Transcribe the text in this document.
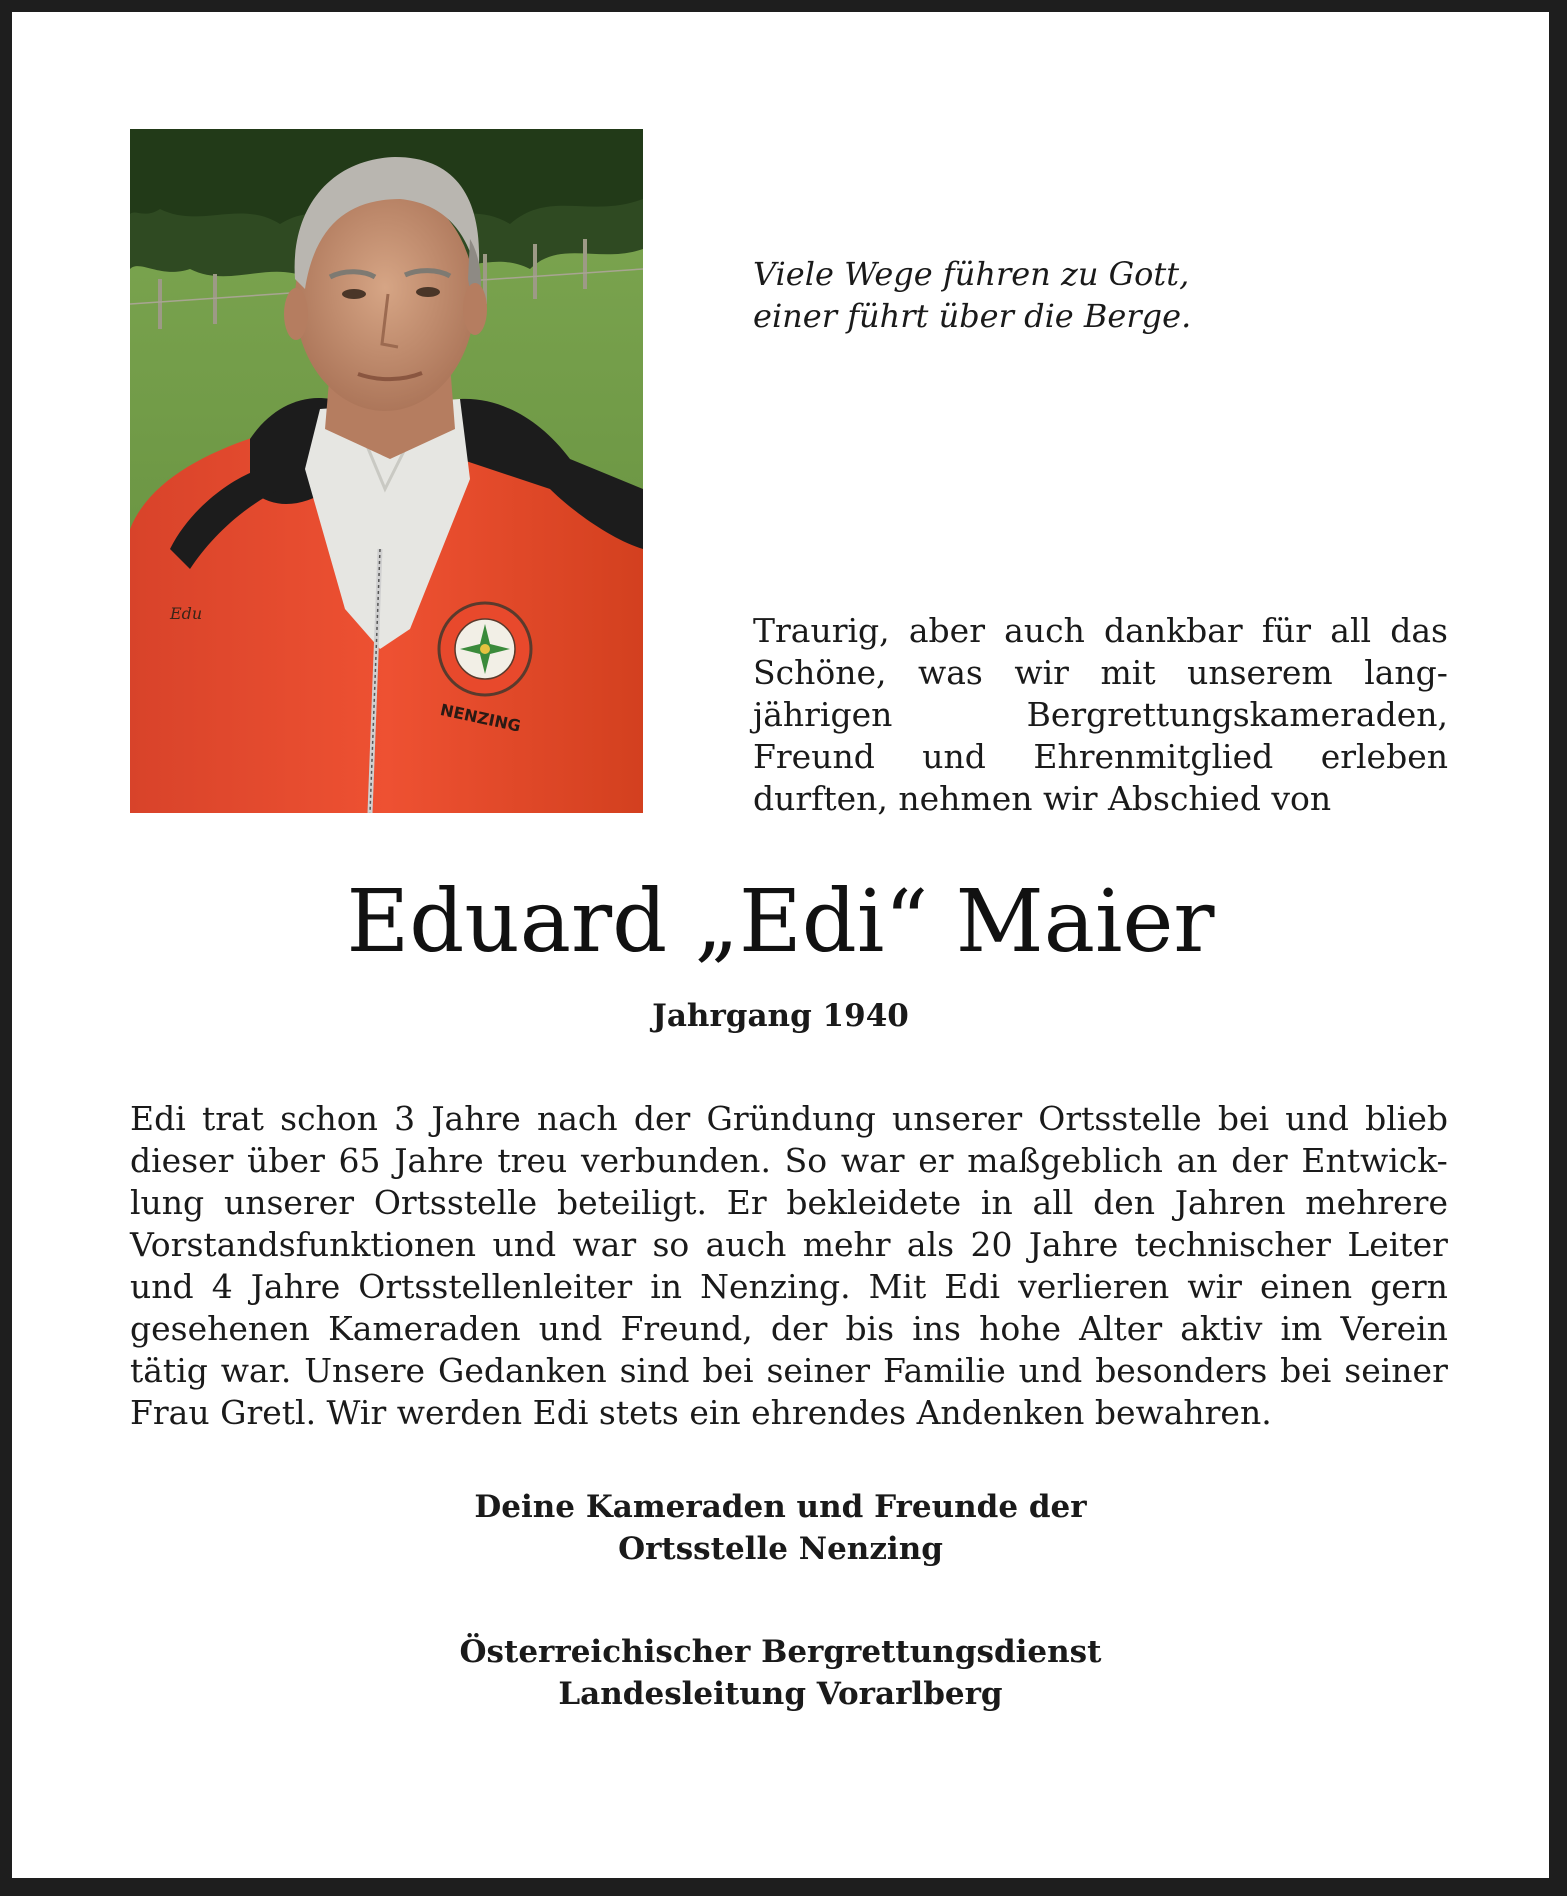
NENZING
Edu
Viele Wege führen zu Gott,
einer führt über die Berge.
Traurig, aber auch dankbar für all das
Schöne, was wir mit unserem lang-
jährigen	Bergrettungskameraden,
Freund und Ehrenmitglied erleben
durften, nehmen wir Abschied von
Eduard „Edi“ Maier
Jahrgang 1940
Edi trat schon 3 Jahre nach der Gründung unserer Ortsstelle bei und blieb
dieser über 65 Jahre treu verbunden. So war er maßgeblich an der Entwick-
lung unserer Ortsstelle beteiligt. Er bekleidete in all den Jahren mehrere
Vorstandsfunktionen und war so auch mehr als 20 Jahre technischer Leiter
und 4 Jahre Ortsstellenleiter in Nenzing. Mit Edi verlieren wir einen gern
gesehenen Kameraden und Freund, der bis ins hohe Alter aktiv im Verein
tätig war. Unsere Gedanken sind bei seiner Familie und besonders bei seiner
Frau Gretl. Wir werden Edi stets ein ehrendes Andenken bewahren.
Deine Kameraden und Freunde der
Ortsstelle Nenzing
Österreichischer Bergrettungsdienst
Landesleitung Vorarlberg
